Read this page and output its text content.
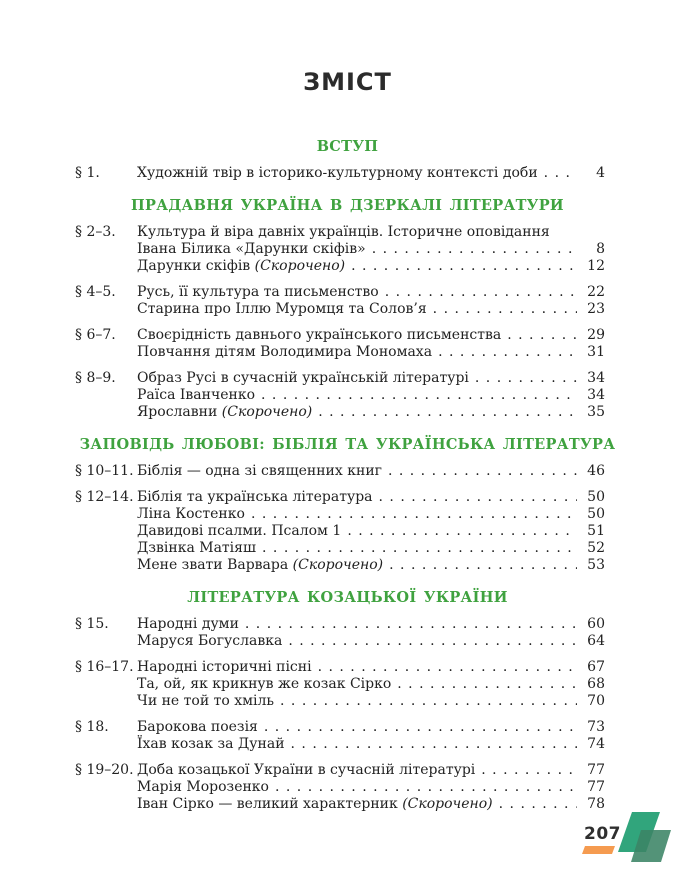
ЗМІСТ
ВСТУП
§ 1.	Художній твір в історико-культурному контексті доби . . .	4
ПРАДАВНЯ УКРАЇНА В ДЗЕРКАЛІ ЛІТЕРАТУРИ
§ 2–3.	Культура й віра давніх українців. Історичне оповідання
Івана Білика «Дарунки скіфів» . . .	8
Дарунки скіфів (Скорочено) . . .	12
§ 4–5.	Русь, її культура та письменство . . .	22
Старина про Іллю Муромця та Солов’я . . .	23
§ 6–7.	Своєрідність давнього українського письменства . . .	29
Повчання дітям Володимира Мономаха . . .	31
§ 8–9.	Образ Русі в сучасній українській літературі . . .	34
Раїса Іванченко . . .	34
Ярославни (Скорочено) . . .	35
ЗАПОВІДЬ ЛЮБОВІ: БІБЛІЯ ТА УКРАЇНСЬКА ЛІТЕРАТУРА
§ 10–11. Біблія — одна зі священних книг . . .	46
§ 12–14. Біблія та українська література . . .	50
Ліна Костенко . . .	50
Давидові псалми. Псалом 1 . . .	51
Дзвінка Матіяш . . .	52
Мене звати Варвара (Скорочено) . . .	53
ЛІТЕРАТУРА КОЗАЦЬКОЇ УКРАЇНИ
§ 15.	Народні думи . . .	60
Маруся Богуславка . . .	64
§ 16–17. Народні історичні пісні . . .	67
Та, ой, як крикнув же козак Сірко . . .	68
Чи не той то хміль . . .	70
§ 18.	Барокова поезія . . .	73
Їхав козак за Дунай . . .	74
§ 19–20. Доба козацької України в сучасній літературі . . .	77
Марія Морозенко . . .	77
Іван Сірко — великий характерник (Скорочено) . . .	78
207
